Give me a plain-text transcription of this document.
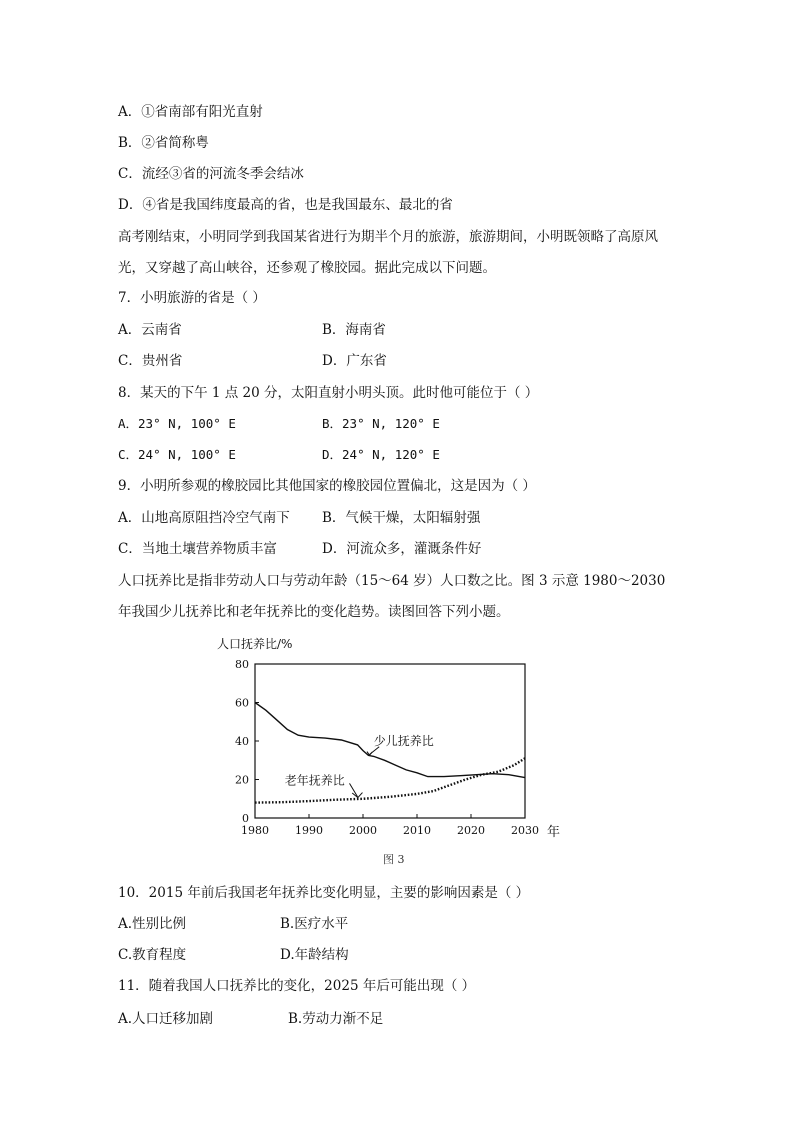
A．①省南部有阳光直射
B．②省简称粤
C．流经③省的河流冬季会结冰
D．④省是我国纬度最高的省，也是我国最东、最北的省
高考刚结束，小明同学到我国某省进行为期半个月的旅游，旅游期间，小明既领略了高原风光，又穿越了高山峡谷，还参观了橡胶园。据此完成以下问题。
7．小明旅游的省是（ ）
A．云南省	B．海南省
C．贵州省	D．广东省
8．某天的下午 1 点 20 分，太阳直射小明头顶。此时他可能位于（ ）
A．23° N, 100° E	B．23° N, 120° E
C．24° N, 100° E	D．24° N, 120° E
9．小明所参观的橡胶园比其他国家的橡胶园位置偏北，这是因为（ ）
A．山地高原阻挡冷空气南下 B．气候干燥，太阳辐射强
C．当地土壤营养物质丰富	D．河流众多，灌溉条件好
人口抚养比是指非劳动人口与劳动年龄（15～64 岁）人口数之比。图 3 示意 1980～2030 年我国少儿抚养比和老年抚养比的变化趋势。读图回答下列小题。
人口抚养比/%
年
图 3
0
20
40
60
80
1980 1990 2000 2010 2020 2030
少儿抚养比
老年抚养比
10．2015 年前后我国老年抚养比变化明显，主要的影响因素是（ ）
A.性别比例	B.医疗水平
C.教育程度	D.年龄结构
11．随着我国人口抚养比的变化，2025 年后可能出现（ ）
A.人口迁移加剧	B.劳动力渐不足
